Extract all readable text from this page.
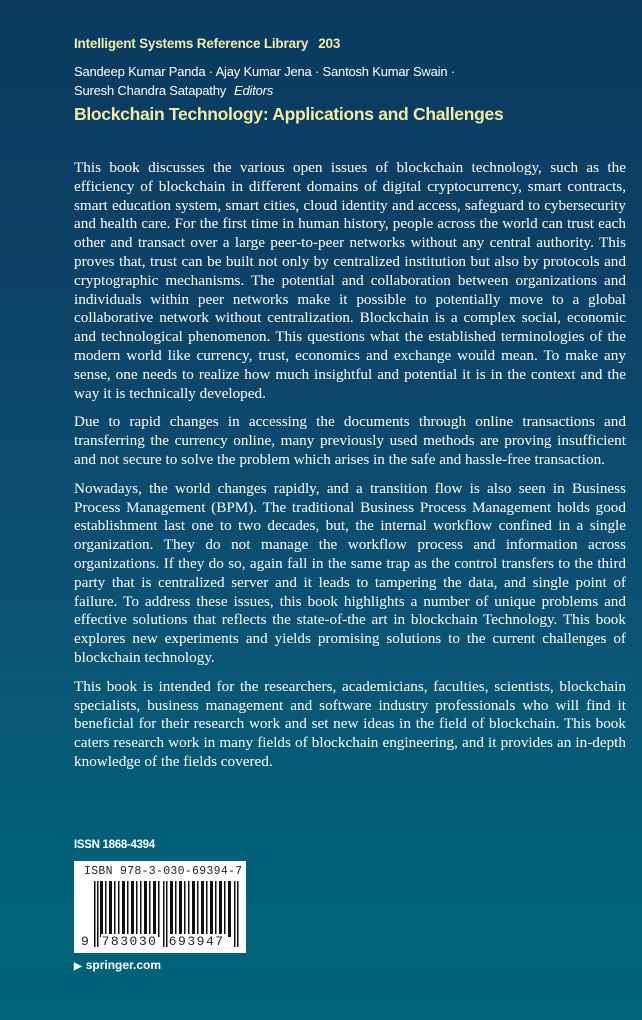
Intelligent Systems Reference Library 203
Sandeep Kumar Panda · Ajay Kumar Jena · Santosh Kumar Swain ·
Suresh Chandra Satapathy Editors
Blockchain Technology: Applications and Challenges

This book discusses the various open issues of blockchain technology, such as the efficiency of blockchain in different domains of digital cryptocurrency, smart contracts, smart education system, smart cities, cloud identity and access, safeguard to cybersecurity and health care. For the first time in human history, people across the world can trust each other and transact over a large peer-to-peer networks without any central authority. This proves that, trust can be built not only by centralized institution but also by protocols and cryptographic mechanisms. The potential and collaboration between organizations and individuals within peer networks make it possible to potentially move to a global collaborative network without centralization. Blockchain is a complex social, economic and technological phenomenon. This questions what the established terminologies of the modern world like currency, trust, economics and exchange would mean. To make any sense, one needs to realize how much insightful and potential it is in the context and the way it is technically developed.

Due to rapid changes in accessing the documents through online transactions and transferring the currency online, many previously used methods are proving insufficient and not secure to solve the problem which arises in the safe and hassle-free transaction.

Nowadays, the world changes rapidly, and a transition flow is also seen in Business Process Management (BPM). The traditional Business Process Management holds good establishment last one to two decades, but, the internal workflow confined in a single organization. They do not manage the workflow process and information across organizations. If they do so, again fall in the same trap as the control transfers to the third party that is centralized server and it leads to tampering the data, and single point of failure. To address these issues, this book highlights a number of unique problems and effective solutions that reflects the state-of-the art in blockchain Technology. This book explores new experiments and yields promising solutions to the current challenges of blockchain technology.

This book is intended for the researchers, academicians, faculties, scientists, blockchain specialists, business management and software industry professionals who will find it beneficial for their research work and set new ideas in the field of blockchain. This book caters research work in many fields of blockchain engineering, and it provides an in-depth knowledge of the fields covered.

ISSN 1868-4394
ISBN 978-3-030-69394-7
9 783030 693947
▶ springer.com
